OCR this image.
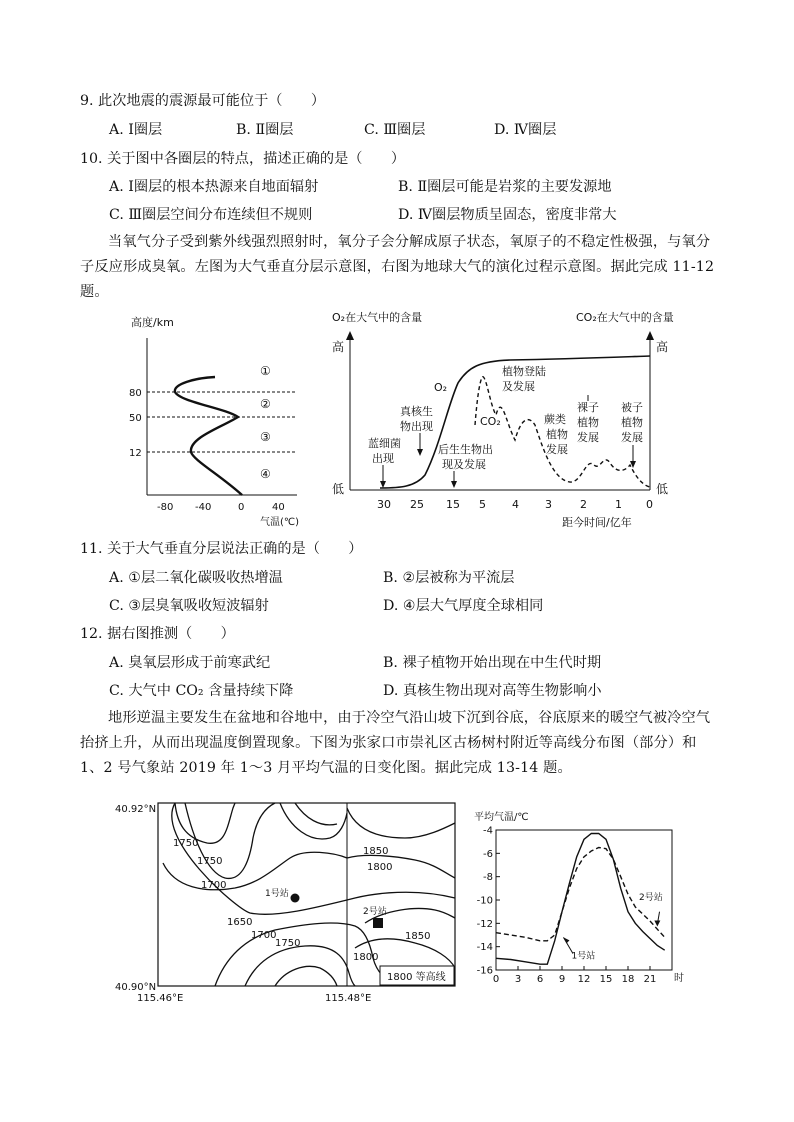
9. 此次地震的震源最可能位于（　　）
A. Ⅰ圈层	B. Ⅱ圈层	C. Ⅲ圈层	D. Ⅳ圈层
10. 关于图中各圈层的特点，描述正确的是（　　）
A. Ⅰ圈层的根本热源来自地面辐射	B. Ⅱ圈层可能是岩浆的主要发源地
C. Ⅲ圈层空间分布连续但不规则	D. Ⅳ圈层物质呈固态，密度非常大
当氧气分子受到紫外线强烈照射时，氧分子会分解成原子状态，氧原子的不稳定性极强，与氧分子反应形成臭氧。左图为大气垂直分层示意图，右图为地球大气的演化过程示意图。据此完成 11-12 题。
高度/km
80
50
12
-80 -40	0	40
气温(℃)
①
②
③
④
O₂在大气中的含量	CO₂在大气中的含量
高	高
低	低
30 25 15 5 4 3	2	1 0
距今时间/亿年
O₂
CO₂
蓝细菌
出现
真核生
物出现
后生生物出
现及发展
植物登陆
及发展
蕨类
植物
发展
裸子
植物
发展
被子
植物
发展
11. 关于大气垂直分层说法正确的是（　　）
A. ①层二氧化碳吸收热增温	B. ②层被称为平流层
C. ③层臭氧吸收短波辐射	D. ④层大气厚度全球相同
12. 据右图推测（　　）
A. 臭氧层形成于前寒武纪	B. 裸子植物开始出现在中生代时期
C. 大气中 CO₂ 含量持续下降	D. 真核生物出现对高等生物影响小
地形逆温主要发生在盆地和谷地中，由于冷空气沿山坡下沉到谷底，谷底原来的暖空气被冷空气抬挤上升，从而出现温度倒置现象。下图为张家口市崇礼区古杨树村附近等高线分布图（部分）和 1、2 号气象站 2019 年 1～3 月平均气温的日变化图。据此完成 13-14 题。
40.92°N
40.90°N
115.46°E	115.48°E
1750
1750
1700
1650
1700
1750
1850
1800
1850
1800
1号站
2号站
1800 等高线
平均气温/℃
时
-4
-6
-8
-10
-12
-14
-16
0 3 6 9 12 15 18 21
1号站
2号站
